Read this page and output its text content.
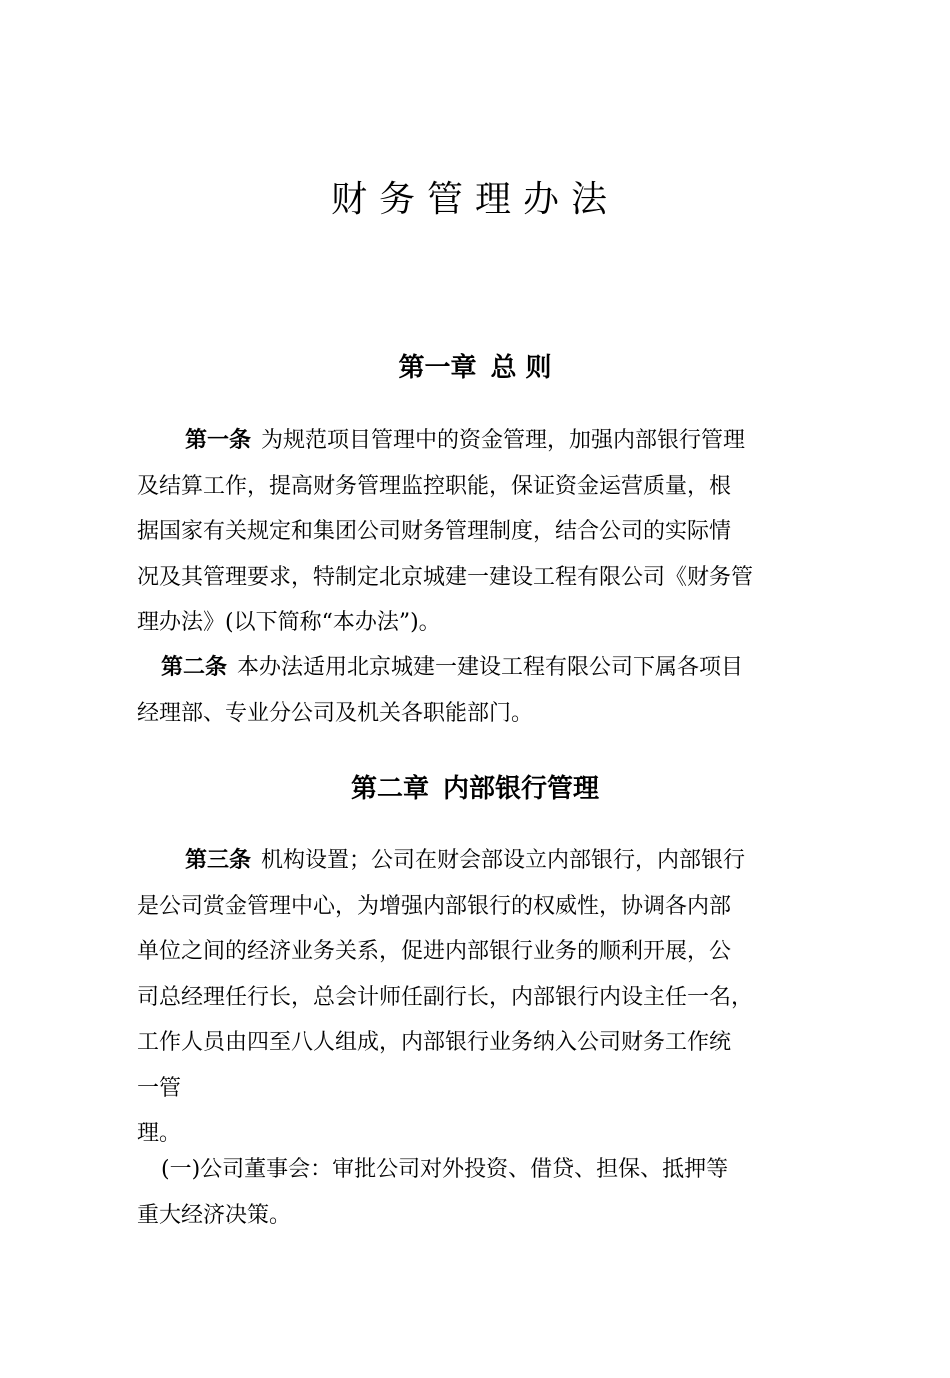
财务管理办法
第一章 总 则
第一条 为规范项目管理中的资金管理，加强内部银行管理
及结算工作，提高财务管理监控职能，保证资金运营质量，根
据国家有关规定和集团公司财务管理制度，结合公司的实际情
况及其管理要求，特制定北京城建一建设工程有限公司《财务管
理办法》(以下简称“本办法”)。
第二条 本办法适用北京城建一建设工程有限公司下属各项目
经理部、专业分公司及机关各职能部门。
第二章 内部银行管理
第三条 机构设置；公司在财会部设立内部银行，内部银行
是公司赏金管理中心，为增强内部银行的权威性，协调各内部
单位之间的经济业务关系，促进内部银行业务的顺利开展，公
司总经理任行长，总会计师任副行长，内部银行内设主任一名，
工作人员由四至八人组成，内部银行业务纳入公司财务工作统
一管
理。
(一)公司董事会：审批公司对外投资、借贷、担保、抵押等
重大经济决策。
